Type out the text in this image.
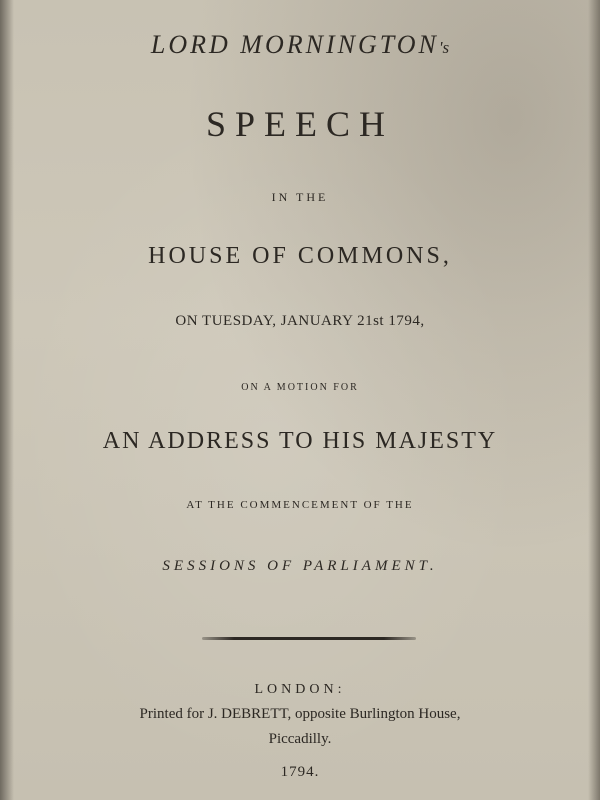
LORD MORNINGTON's
SPEECH
IN THE
HOUSE OF COMMONS,
ON TUESDAY, JANUARY 21st 1794,
ON A MOTION FOR
AN ADDRESS TO HIS MAJESTY
AT THE COMMENCEMENT OF THE
SESSIONS OF PARLIAMENT.
LONDON:
Printed for J. DEBRETT, opposite Burlington House,
Piccadilly.
1794.
